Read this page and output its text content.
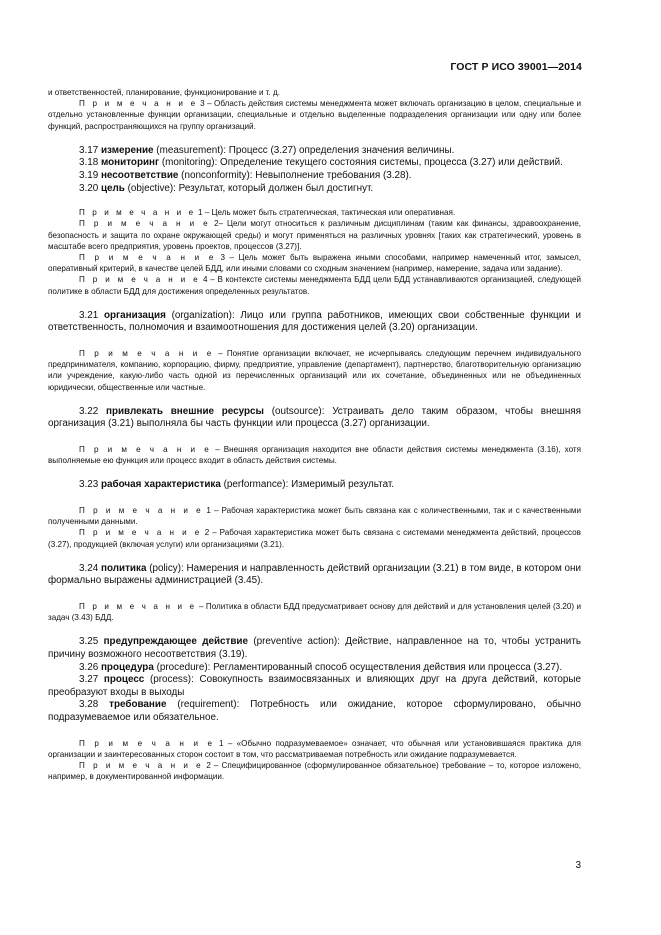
ГОСТ Р ИСО 39001—2014

и ответственностей, планирование, функционирование и т. д.

П р и м е ч а н и е 3 – Область действия системы менеджмента может включать организацию в целом, специальные и отдельно установленные функции организации, специальные и отдельно выделенные подразделения организации или одну или более функций, распространяющихся на группу организаций.

3.17 измерение (measurement): Процесс (3.27) определения значения величины.

3.18 мониторинг (monitoring): Определение текущего состояния системы, процесса (3.27) или действий.

3.19 несоответствие (nonconformity): Невыполнение требования (3.28).

3.20 цель (objective): Результат, который должен был достигнут.

П р и м е ч а н и е 1 – Цель может быть стратегическая, тактическая или оперативная.

П р и м е ч а н и е 2– Цели могут относиться к различным дисциплинам (таким как финансы, здравоохранение, безопасность и защита по охране окружающей среды) и могут применяться на различных уровнях [таких как стратегический, уровень в масштабе всего предприятия, уровень проектов, процессов (3.27)].

П р и м е ч а н и е 3 – Цель может быть выражена иными способами, например намеченный итог, замысел, оперативный критерий, в качестве целей БДД, или иными словами со сходным значением (например, намерение, задача или задание).

П р и м е ч а н и е 4 – В контексте системы менеджмента БДД цели БДД устанавливаются организацией, следующей политике в области БДД для достижения определенных результатов.

3.21 организация (organization): Лицо или группа работников, имеющих свои собственные функции и ответственность, полномочия и взаимоотношения для достижения целей (3.20) организации.

П р и м е ч а н и е – Понятие организации включает, не исчерпываясь следующим перечнем индивидуального предпринимателя, компанию, корпорацию, фирму, предприятие, управление (департамент), партнерство, благотворительную организацию или учреждение, какую-либо часть одной из перечисленных организаций или их сочетание, объединенных или не объединенных юридически, общественные или частные.

3.22 привлекать внешние ресурсы (outsource): Устраивать дело таким образом, чтобы внешняя организация (3.21) выполняла бы часть функции или процесса (3.27) организации.

П р и м е ч а н и е – Внешняя организация находится вне области действия системы менеджмента (3.16), хотя выполняемые ею функция или процесс входит в область действия системы.

3.23 рабочая характеристика (performance): Измеримый результат.

П р и м е ч а н и е 1 – Рабочая характеристика может быть связана как с количественными, так и с качественными полученными данными.

П р и м е ч а н и е 2 – Рабочая характеристика может быть связана с системами менеджмента действий, процессов (3.27), продукцией (включая услуги) или организациями (3.21).

3.24 политика (policy): Намерения и направленность действий организации (3.21) в том виде, в котором они формально выражены администрацией (3.45).

П р и м е ч а н и е – Политика в области БДД предусматривает основу для действий и для установления целей (3.20) и задач (3.43) БДД.

3.25 предупреждающее действие (preventive action): Действие, направленное на то, чтобы устранить причину возможного несоответствия (3.19).

3.26 процедура (procedure): Регламентированный способ осуществления действия или процесса (3.27).

3.27 процесс (process): Совокупность взаимосвязанных и влияющих друг на друга действий, которые преобразуют входы в выходы

3.28 требование (requirement): Потребность или ожидание, которое сформулировано, обычно подразумеваемое или обязательное.

П р и м е ч а н и е 1 – «Обычно подразумеваемое» означает, что обычная или установившаяся практика для организации и заинтересованных сторон состоит в том, что рассматриваемая потребность или ожидание подразумевается.

П р и м е ч а н и е 2 – Специфицированное (сформулированное обязательное) требование – то, которое изложено, например, в документированной информации.

3
